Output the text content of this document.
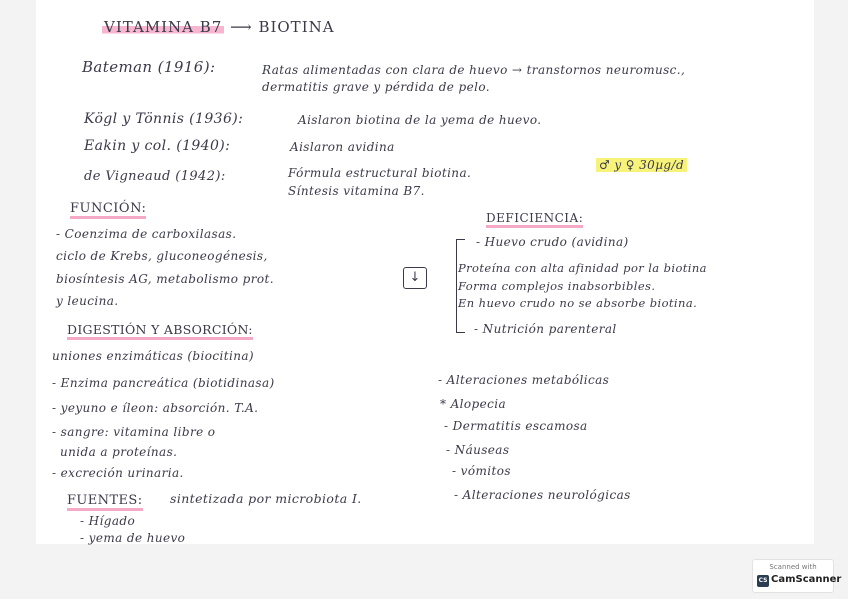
VITAMINA B7 ⟶ BIOTINA
Bateman (1916):	Ratas alimentadas con clara de huevo → transtornos neuromusc.,
dermatitis grave y pérdida de pelo.
Kögl y Tönnis (1936):	Aislaron biotina de la yema de huevo.
Eakin y col. (1940):	Aislaron avidina
de Vigneaud (1942):	Fórmula estructural biotina.
Síntesis vitamina B7.
♂ y ♀ 30µg/d
FUNCIÓN:
- Coenzima de carboxilasas.
ciclo de Krebs, gluconeogénesis,
biosíntesis AG, metabolismo prot.
y leucina.
DEFICIENCIA:
↓
- Huevo crudo (avidina)
Proteína con alta afinidad por la biotina
Forma complejos inabsorbibles.
En huevo crudo no se absorbe biotina.
- Nutrición parenteral
DIGESTIÓN Y ABSORCIÓN:
uniones enzimáticas (biocitina)
- Enzima pancreática (biotidinasa)
- yeyuno e íleon: absorción. T.A.
- sangre: vitamina libre o
unida a proteínas.
- excreción urinaria.
- Alteraciones metabólicas
* Alopecia
- Dermatitis escamosa
- Náuseas
- vómitos
- Alteraciones neurológicas
FUENTES: sintetizada por microbiota I.
- Hígado
- yema de huevo
Scanned with
CS CamScanner
